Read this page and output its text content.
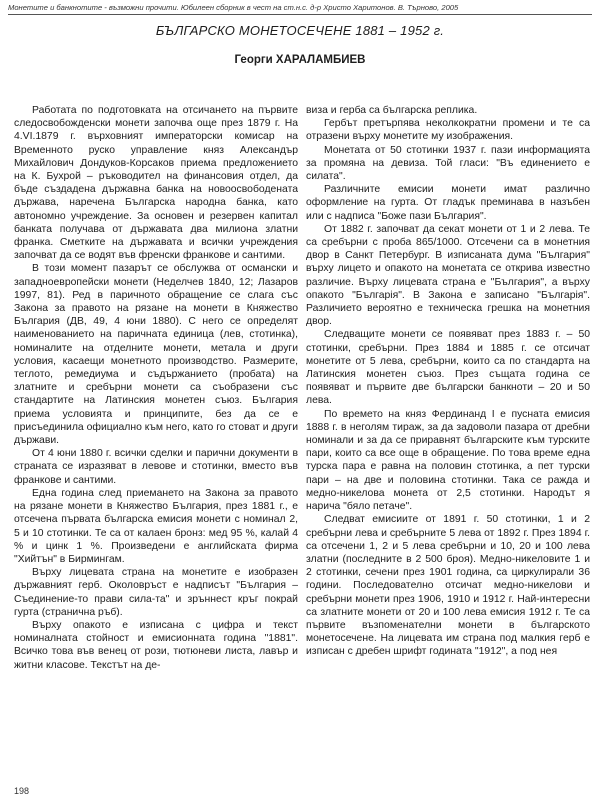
Монетите и банкнотите - възможни прочити. Юбилеен сборник в чест на ст.н.с. д-р Христо Харитонов. В. Търново, 2005
БЪЛГАРСКО МОНЕТОСЕЧЕНЕ 1881 – 1952 г.
Георги ХАРАЛАМБИЕВ

Работата по подготовката на отсичането на първите следосвобожденски монети започва още през 1879 г. На 4.VI.1879 г. върховният императорски комисар на Временното руско управление княз Александър Михайлович Дондуков-Корсаков приема предложението на К. Бухрой – ръководител на финансовия отдел, да бъде създадена държавна банка на новоосвободената държава, наречена Българска народна банка, като автономно учреждение. За основен и резервен капитал банката получава от държавата два милиона златни франка. Сметките на държавата и всички учреждения започват да се водят във френски франкове и сантими.

В този момент пазарът се обслужва от османски и западноевропейски монети (Неделчев 1840, 12; Лазаров 1997, 81). Ред в паричното обращение се слага със Закона за правото на рязане на монети в Княжество България (ДВ, 49, 4 юни 1880). С него се определят наименованието на паричната единица (лев, стотинка), номиналите на отделните монети, метала и други условия, касаещи монетното производство. Размерите, теглото, ремедиума и съдържанието (пробата) на златните и сребърни монети са съобразени със стандартите на Латинския монетен съюз. България приема условията и принципите, без да се е присъединила официално към него, като го стоват и други държави.

От 4 юни 1880 г. всички сделки и парични документи в страната се изразяват в левове и стотинки, вместо във франкове и сантими.

Една година след приемането на Закона за правото на рязане монети в Княжество България, през 1881 г., е отсечена първата българска емисия монети с номинал 2, 5 и 10 стотинки. Те са от калаен бронз: мед 95 %, калай 4 % и цинк 1 %. Произведени е английската фирма "Хийтън" в Бирмингам.

Върху лицевата страна на монетите е изобразен държавният герб. Околовръст е надписът "България – Съединение-то прави сила-та" и зръннест кръг покрай гурта (странична ръб).

Върху опакото е изписана с цифра и текст номиналната стойност и емисионната година "1881". Всичко това във венец от рози, тютюневи листа, лавър и житни класове. Текстът на де-

виза и герба са българска реплика.

Гербът претърпява неколкократни промени и те са отразени върху монетите му изображения.

Монетата от 50 стотинки 1937 г. пази информацията за промяна на девиза. Той гласи: "Въ единението е силата".

Различните емисии монети имат различно оформление на гурта. От гладък преминава в назъбен или с надписа "Боже пази България".

От 1882 г. започват да секат монети от 1 и 2 лева. Те са сребърни с проба 865/1000. Отсечени са в монетния двор в Санкт Петербург. В изписаната дума "България" върху лицето и опакото на монетата се открива известно различие. Върху лицевата страна е "България", а върху опакото "Българія". В Закона е записано "Българія". Различието вероятно е техническа грешка на монетния двор.

Следващите монети се появяват през 1883 г. – 50 стотинки, сребърни. През 1884 и 1885 г. се отсичат монетите от 5 лева, сребърни, които са по стандарта на Латинския монетен съюз. През същата година се появяват и първите две български банкноти – 20 и 50 лева.

По времето на княз Фердинанд I е пусната емисия 1888 г. в неголям тираж, за да задоволи пазара от дребни номинали и за да се приравнят българските към турските пари, които са все още в обращение. По това време една турска пара е равна на половин стотинка, а пет турски пари – на две и половина стотинки. Така се ражда и медно-никелова монета от 2,5 стотинки. Народът я нарича "бяло петаче".

Следват емисиите от 1891 г. 50 стотинки, 1 и 2 сребърни лева и сребърните 5 лева от 1892 г. През 1894 г. са отсечени 1, 2 и 5 лева сребърни и 10, 20 и 100 лева златни (последните в 2 500 броя). Медно-никеловите 1 и 2 стотинки, сечени през 1901 година, са циркулирали 36 години. Последователно отсичат медно-никелови и сребърни монети през 1906, 1910 и 1912 г. Най-интересни са златните монети от 20 и 100 лева емисия 1912 г. Те са първите възпоменателни монети в българското монетосечене. На лицевата им страна под малкия герб е изписан с дребен шрифт годината "1912", а под нея

198
